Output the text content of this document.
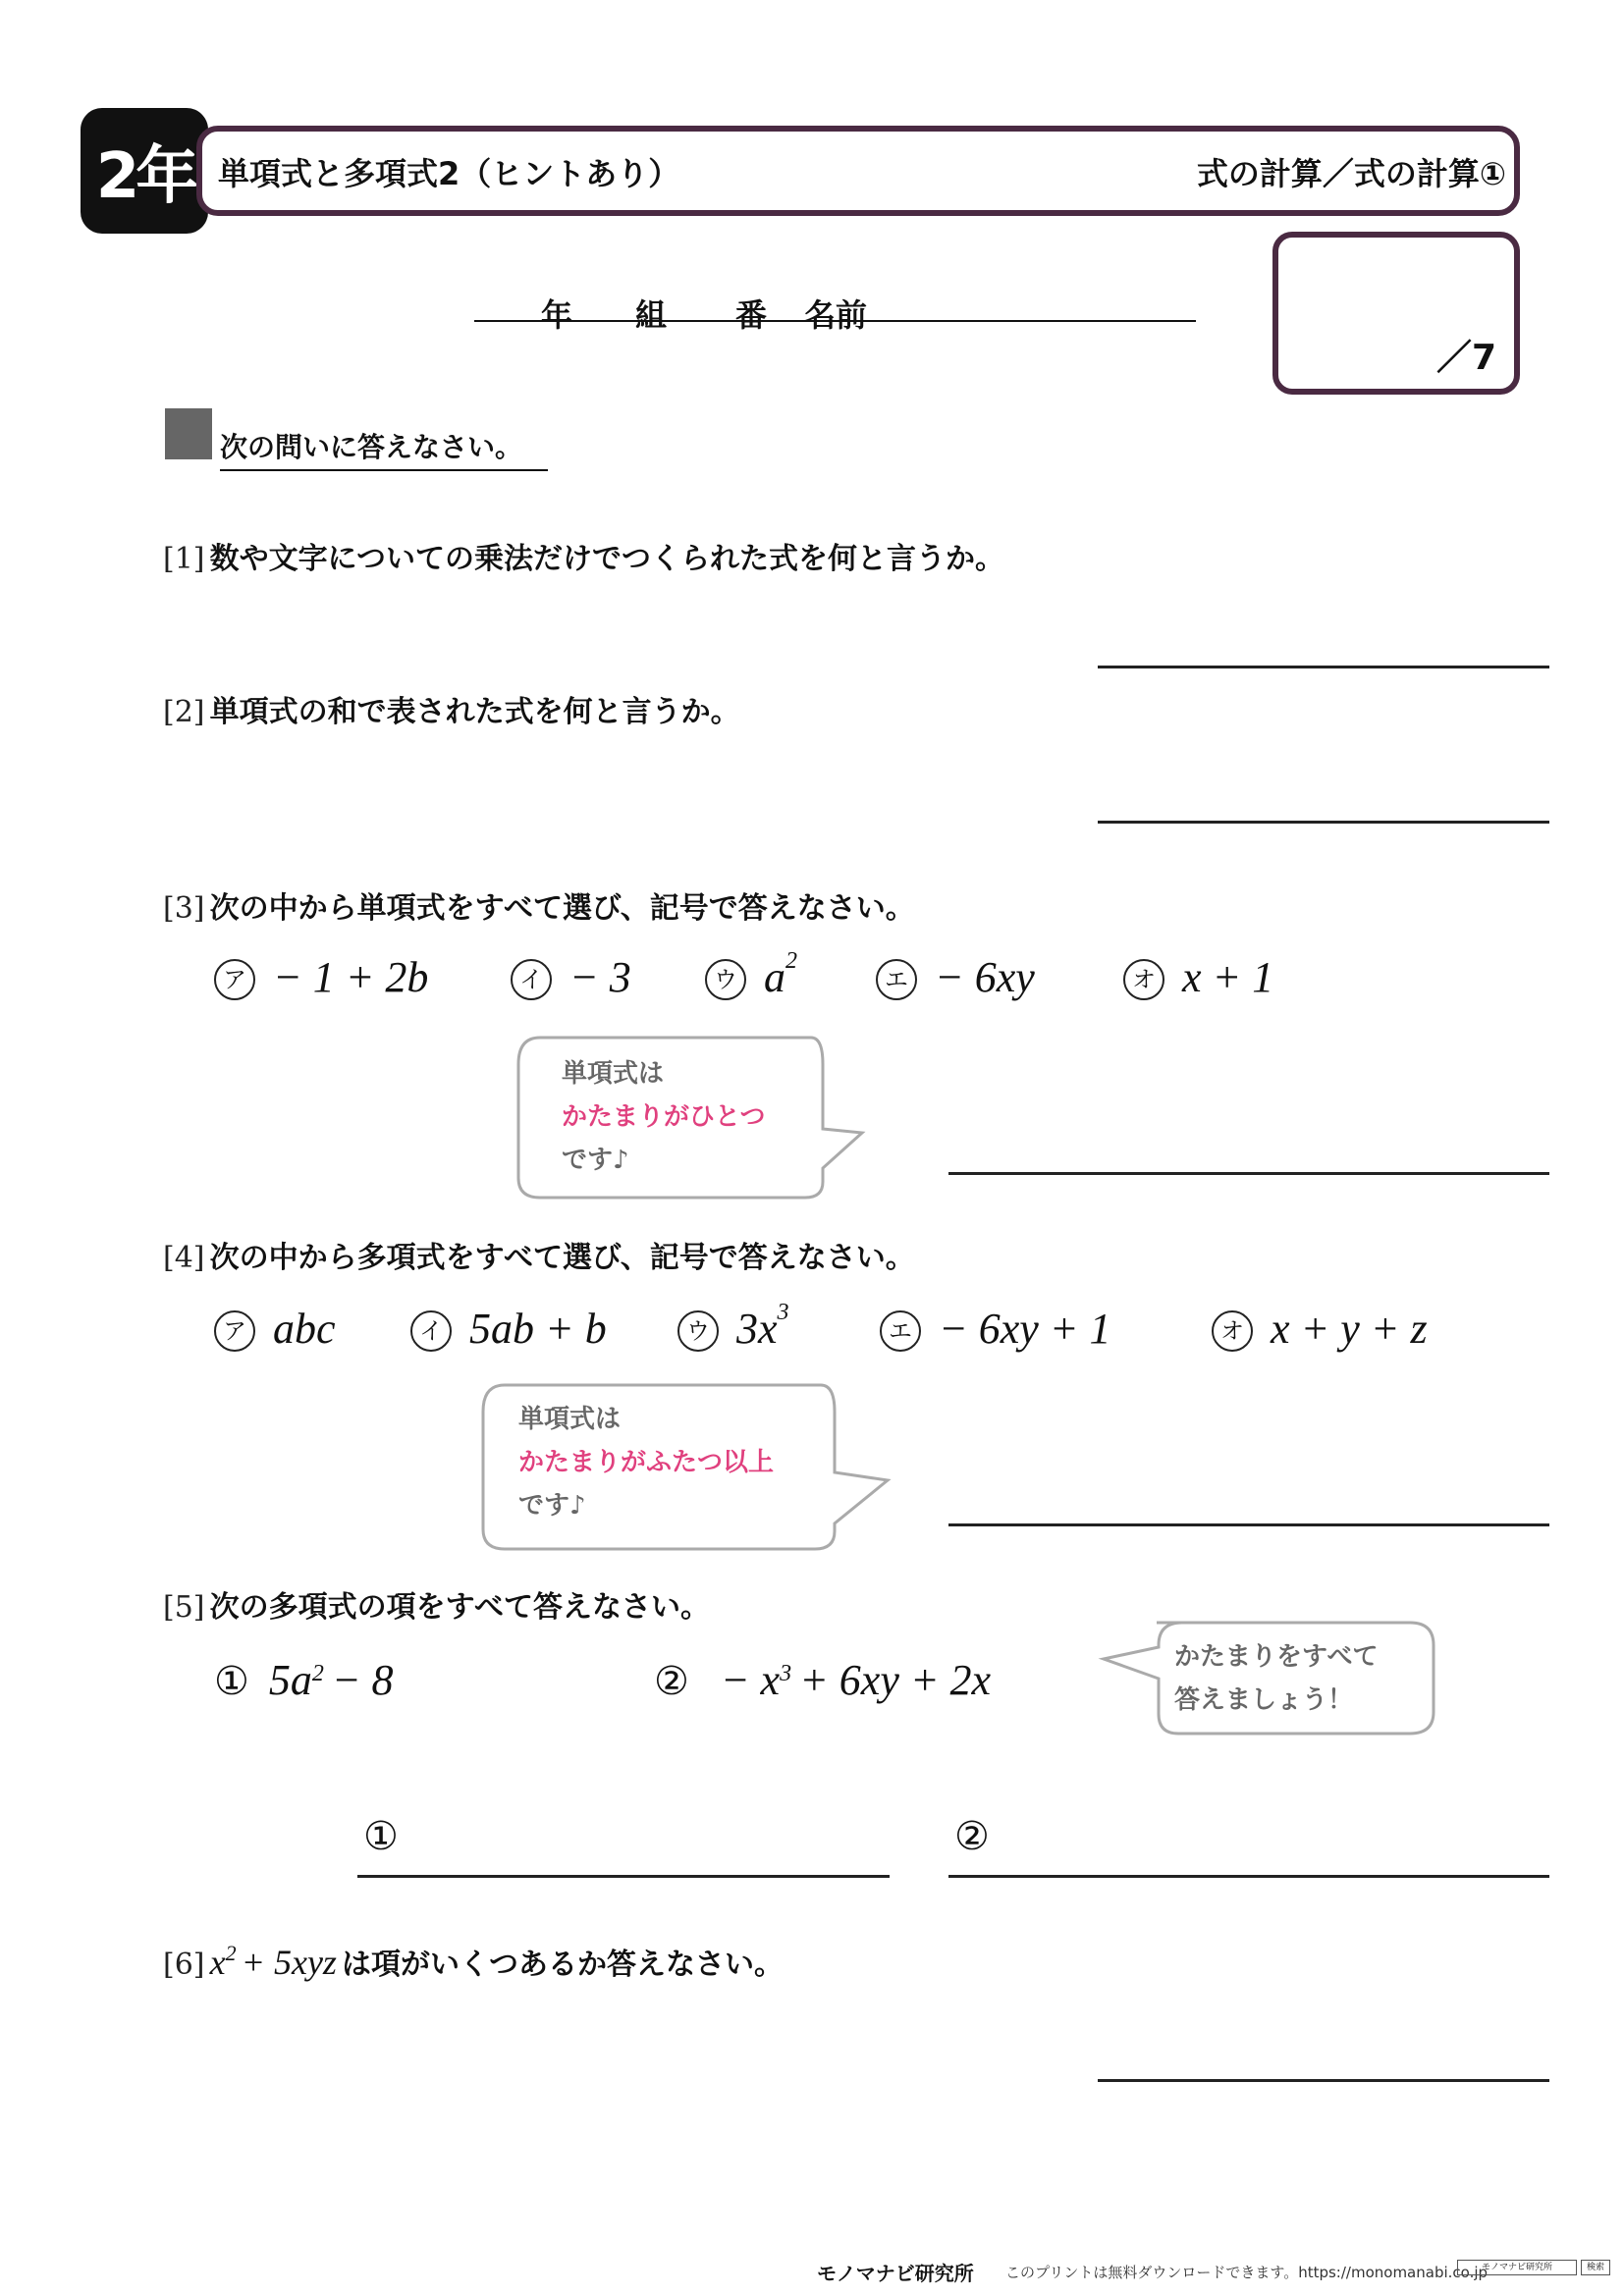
2年 単項式と多項式2（ヒントあり）	式の計算／式の計算①
年 組 番 名前
／7
次の問いに答えなさい。
[1] 数や文字についての乗法だけでつくられた式を何と言うか。
[2] 単項式の和で表された式を何と言うか。
[3] 次の中から単項式をすべて選び、記号で答えなさい。
ア − 1 + 2b	イ − 3	ウ $a^2$
エ − 6xy	オ x + 1
単項式は
かたまりがひとつ
です♪
[4] 次の中から多項式をすべて選び、記号で答えなさい。
ア abc	イ 5ab + b	ウ $3x^3$
エ − 6xy + 1	オ x + y + z
単項式は
かたまりがふたつ以上
です♪
[5] 次の多項式の項をすべて答えなさい。
① $5a^2 - 8$	② − $x^3 + 6xy + 2x$	かたまりをすべて
答えましょう！
①	②
[6] $x^2 + 5xyz$ は項がいくつあるか答えなさい。
モノマナビ研究所 このプリントは無料ダウンロードできます。https://monomanabi.co.jp
モノマナビ研究所	検索
